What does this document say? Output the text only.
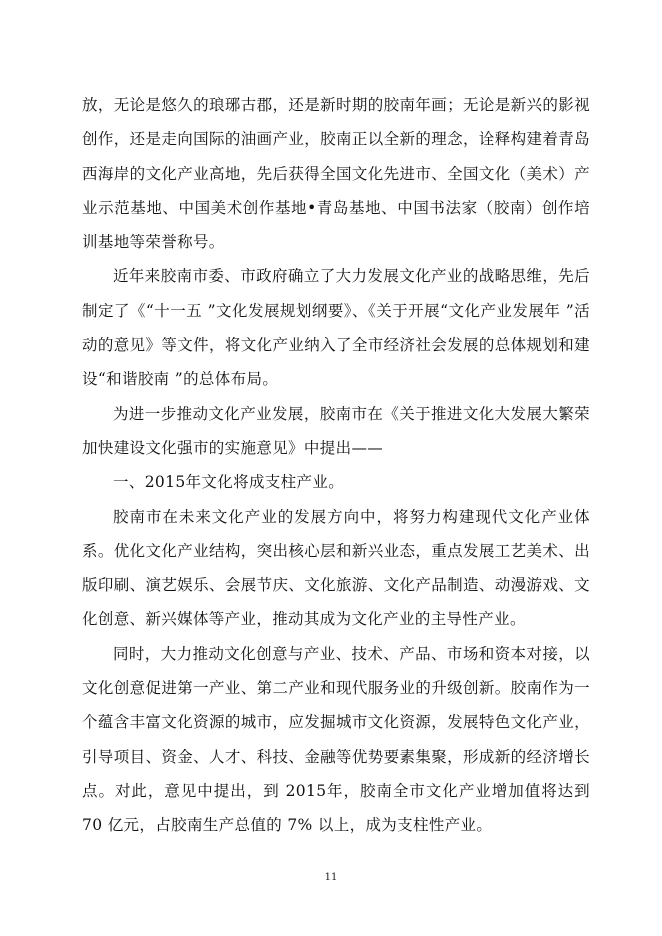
放，无论是悠久的琅琊古郡，还是新时期的胶南年画；无论是新兴的影视创作，还是走向国际的油画产业，胶南正以全新的理念，诠释构建着青岛西海岸的文化产业高地，先后获得全国文化先进市、全国文化（美术）产业示范基地、中国美术创作基地•青岛基地、中国书法家（胶南）创作培训基地等荣誉称号。

近年来胶南市委、市政府确立了大力发展文化产业的战略思维，先后制定了《“十一五 ”文化发展规划纲要》、《关于开展“文化产业发展年 ”活动的意见》等文件，将文化产业纳入了全市经济社会发展的总体规划和建设“和谐胶南 ”的总体布局。

为进一步推动文化产业发展，胶南市在《关于推进文化大发展大繁荣加快建设文化强市的实施意见》中提出——

一、2015年文化将成支柱产业。

胶南市在未来文化产业的发展方向中，将努力构建现代文化产业体系。优化文化产业结构，突出核心层和新兴业态，重点发展工艺美术、出版印刷、演艺娱乐、会展节庆、文化旅游、文化产品制造、动漫游戏、文化创意、新兴媒体等产业，推动其成为文化产业的主导性产业。

同时，大力推动文化创意与产业、技术、产品、市场和资本对接，以文化创意促进第一产业、第二产业和现代服务业的升级创新。胶南作为一个蕴含丰富文化资源的城市，应发掘城市文化资源，发展特色文化产业，引导项目、资金、人才、科技、金融等优势要素集聚，形成新的经济增长点。对此，意见中提出，到 2015年，胶南全市文化产业增加值将达到 70 亿元，占胶南生产总值的 7% 以上，成为支柱性产业。

11
